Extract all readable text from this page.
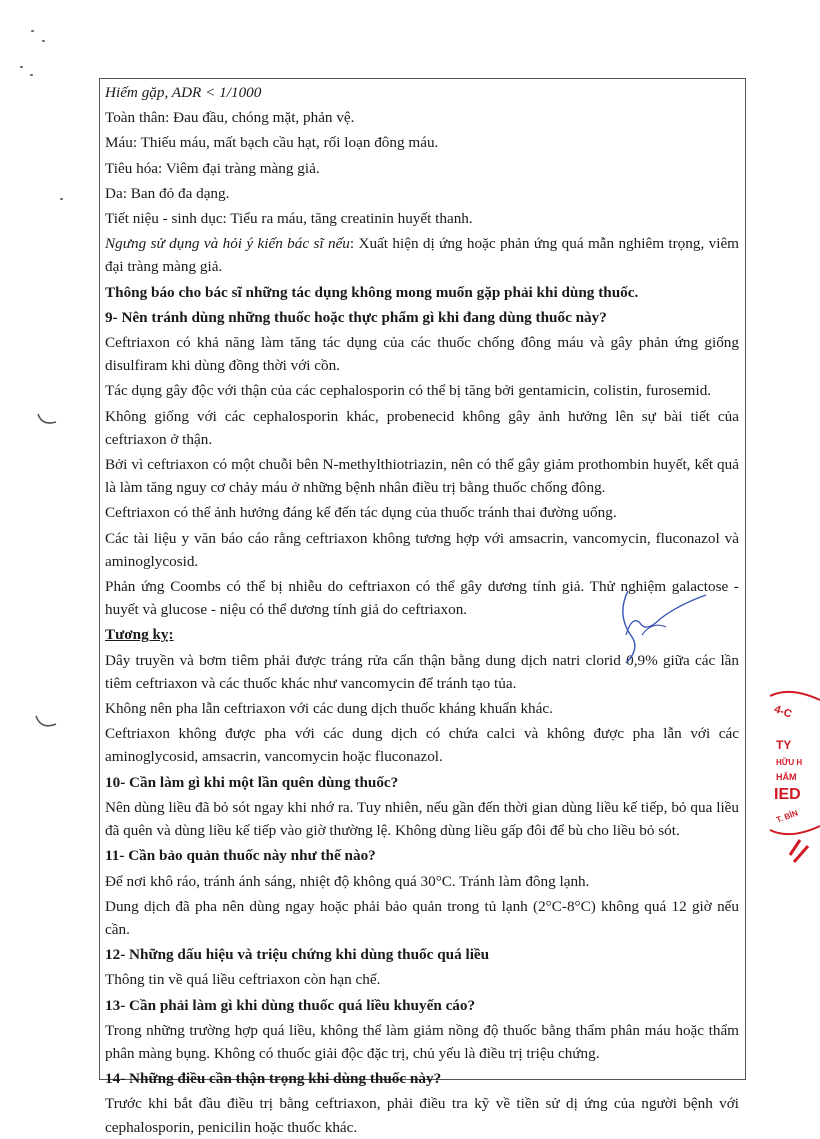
Hiếm gặp, ADR < 1/1000

Toàn thân: Đau đầu, chóng mặt, phản vệ.

Máu: Thiếu máu, mất bạch cầu hạt, rối loạn đông máu.

Tiêu hóa: Viêm đại tràng màng giả.

Da: Ban đỏ đa dạng.

Tiết niệu - sinh dục: Tiểu ra máu, tăng creatinin huyết thanh.

Ngưng sử dụng và hỏi ý kiến bác sĩ nếu: Xuất hiện dị ứng hoặc phản ứng quá mẫn nghiêm trọng, viêm đại tràng màng giả.

Thông báo cho bác sĩ những tác dụng không mong muốn gặp phải khi dùng thuốc.

9- Nên tránh dùng những thuốc hoặc thực phẩm gì khi đang dùng thuốc này?

Ceftriaxon có khả năng làm tăng tác dụng của các thuốc chống đông máu và gây phản ứng giống disulfiram khi dùng đồng thời với cồn.

Tác dụng gây độc với thận của các cephalosporin có thể bị tăng bởi gentamicin, colistin, furosemid.

Không giống với các cephalosporin khác, probenecid không gây ảnh hưởng lên sự bài tiết của ceftriaxon ở thận.

Bởi vì ceftriaxon có một chuỗi bên N-methylthiotriazin, nên có thể gây giảm prothombin huyết, kết quả là làm tăng nguy cơ chảy máu ở những bệnh nhân điều trị bằng thuốc chống đông.

Ceftriaxon có thể ảnh hưởng đáng kể đến tác dụng của thuốc tránh thai đường uống.

Các tài liệu y văn báo cáo rằng ceftriaxon không tương hợp với amsacrin, vancomycin, fluconazol và aminoglycosid.

Phản ứng Coombs có thể bị nhiễu do ceftriaxon có thể gây dương tính giả. Thử nghiệm galactose - huyết và glucose - niệu có thể dương tính giả do ceftriaxon.

Tương kỵ:

Dây truyền và bơm tiêm phải được tráng rửa cẩn thận bằng dung dịch natri clorid 0,9% giữa các lần tiêm ceftriaxon và các thuốc khác như vancomycin để tránh tạo tủa.

Không nên pha lẫn ceftriaxon với các dung dịch thuốc kháng khuẩn khác.

Ceftriaxon không được pha với các dung dịch có chứa calci và không được pha lẫn với các aminoglycosid, amsacrin, vancomycin hoặc fluconazol.

10- Cần làm gì khi một lần quên dùng thuốc?

Nên dùng liều đã bỏ sót ngay khi nhớ ra. Tuy nhiên, nếu gần đến thời gian dùng liều kế tiếp, bỏ qua liều đã quên và dùng liều kế tiếp vào giờ thường lệ. Không dùng liều gấp đôi để bù cho liều bỏ sót.

11- Cần bảo quản thuốc này như thế nào?

Để nơi khô ráo, tránh ánh sáng, nhiệt độ không quá 30°C. Tránh làm đông lạnh.

Dung dịch đã pha nên dùng ngay hoặc phải bảo quản trong tủ lạnh (2°C-8°C) không quá 12 giờ nếu cần.

12- Những dấu hiệu và triệu chứng khi dùng thuốc quá liều

Thông tin về quá liều ceftriaxon còn hạn chế.

13- Cần phải làm gì khi dùng thuốc quá liều khuyến cáo?

Trong những trường hợp quá liều, không thể làm giảm nồng độ thuốc bằng thẩm phân máu hoặc thẩm phân màng bụng. Không có thuốc giải độc đặc trị, chủ yếu là điều trị triệu chứng.

14- Những điều cần thận trọng khi dùng thuốc này?

Trước khi bắt đầu điều trị bằng ceftriaxon, phải điều tra kỹ về tiền sử dị ứng của người bệnh với cephalosporin, penicilin hoặc thuốc khác.

4-C
TY
HỮU H
HẨM
IED
T. BÌN
